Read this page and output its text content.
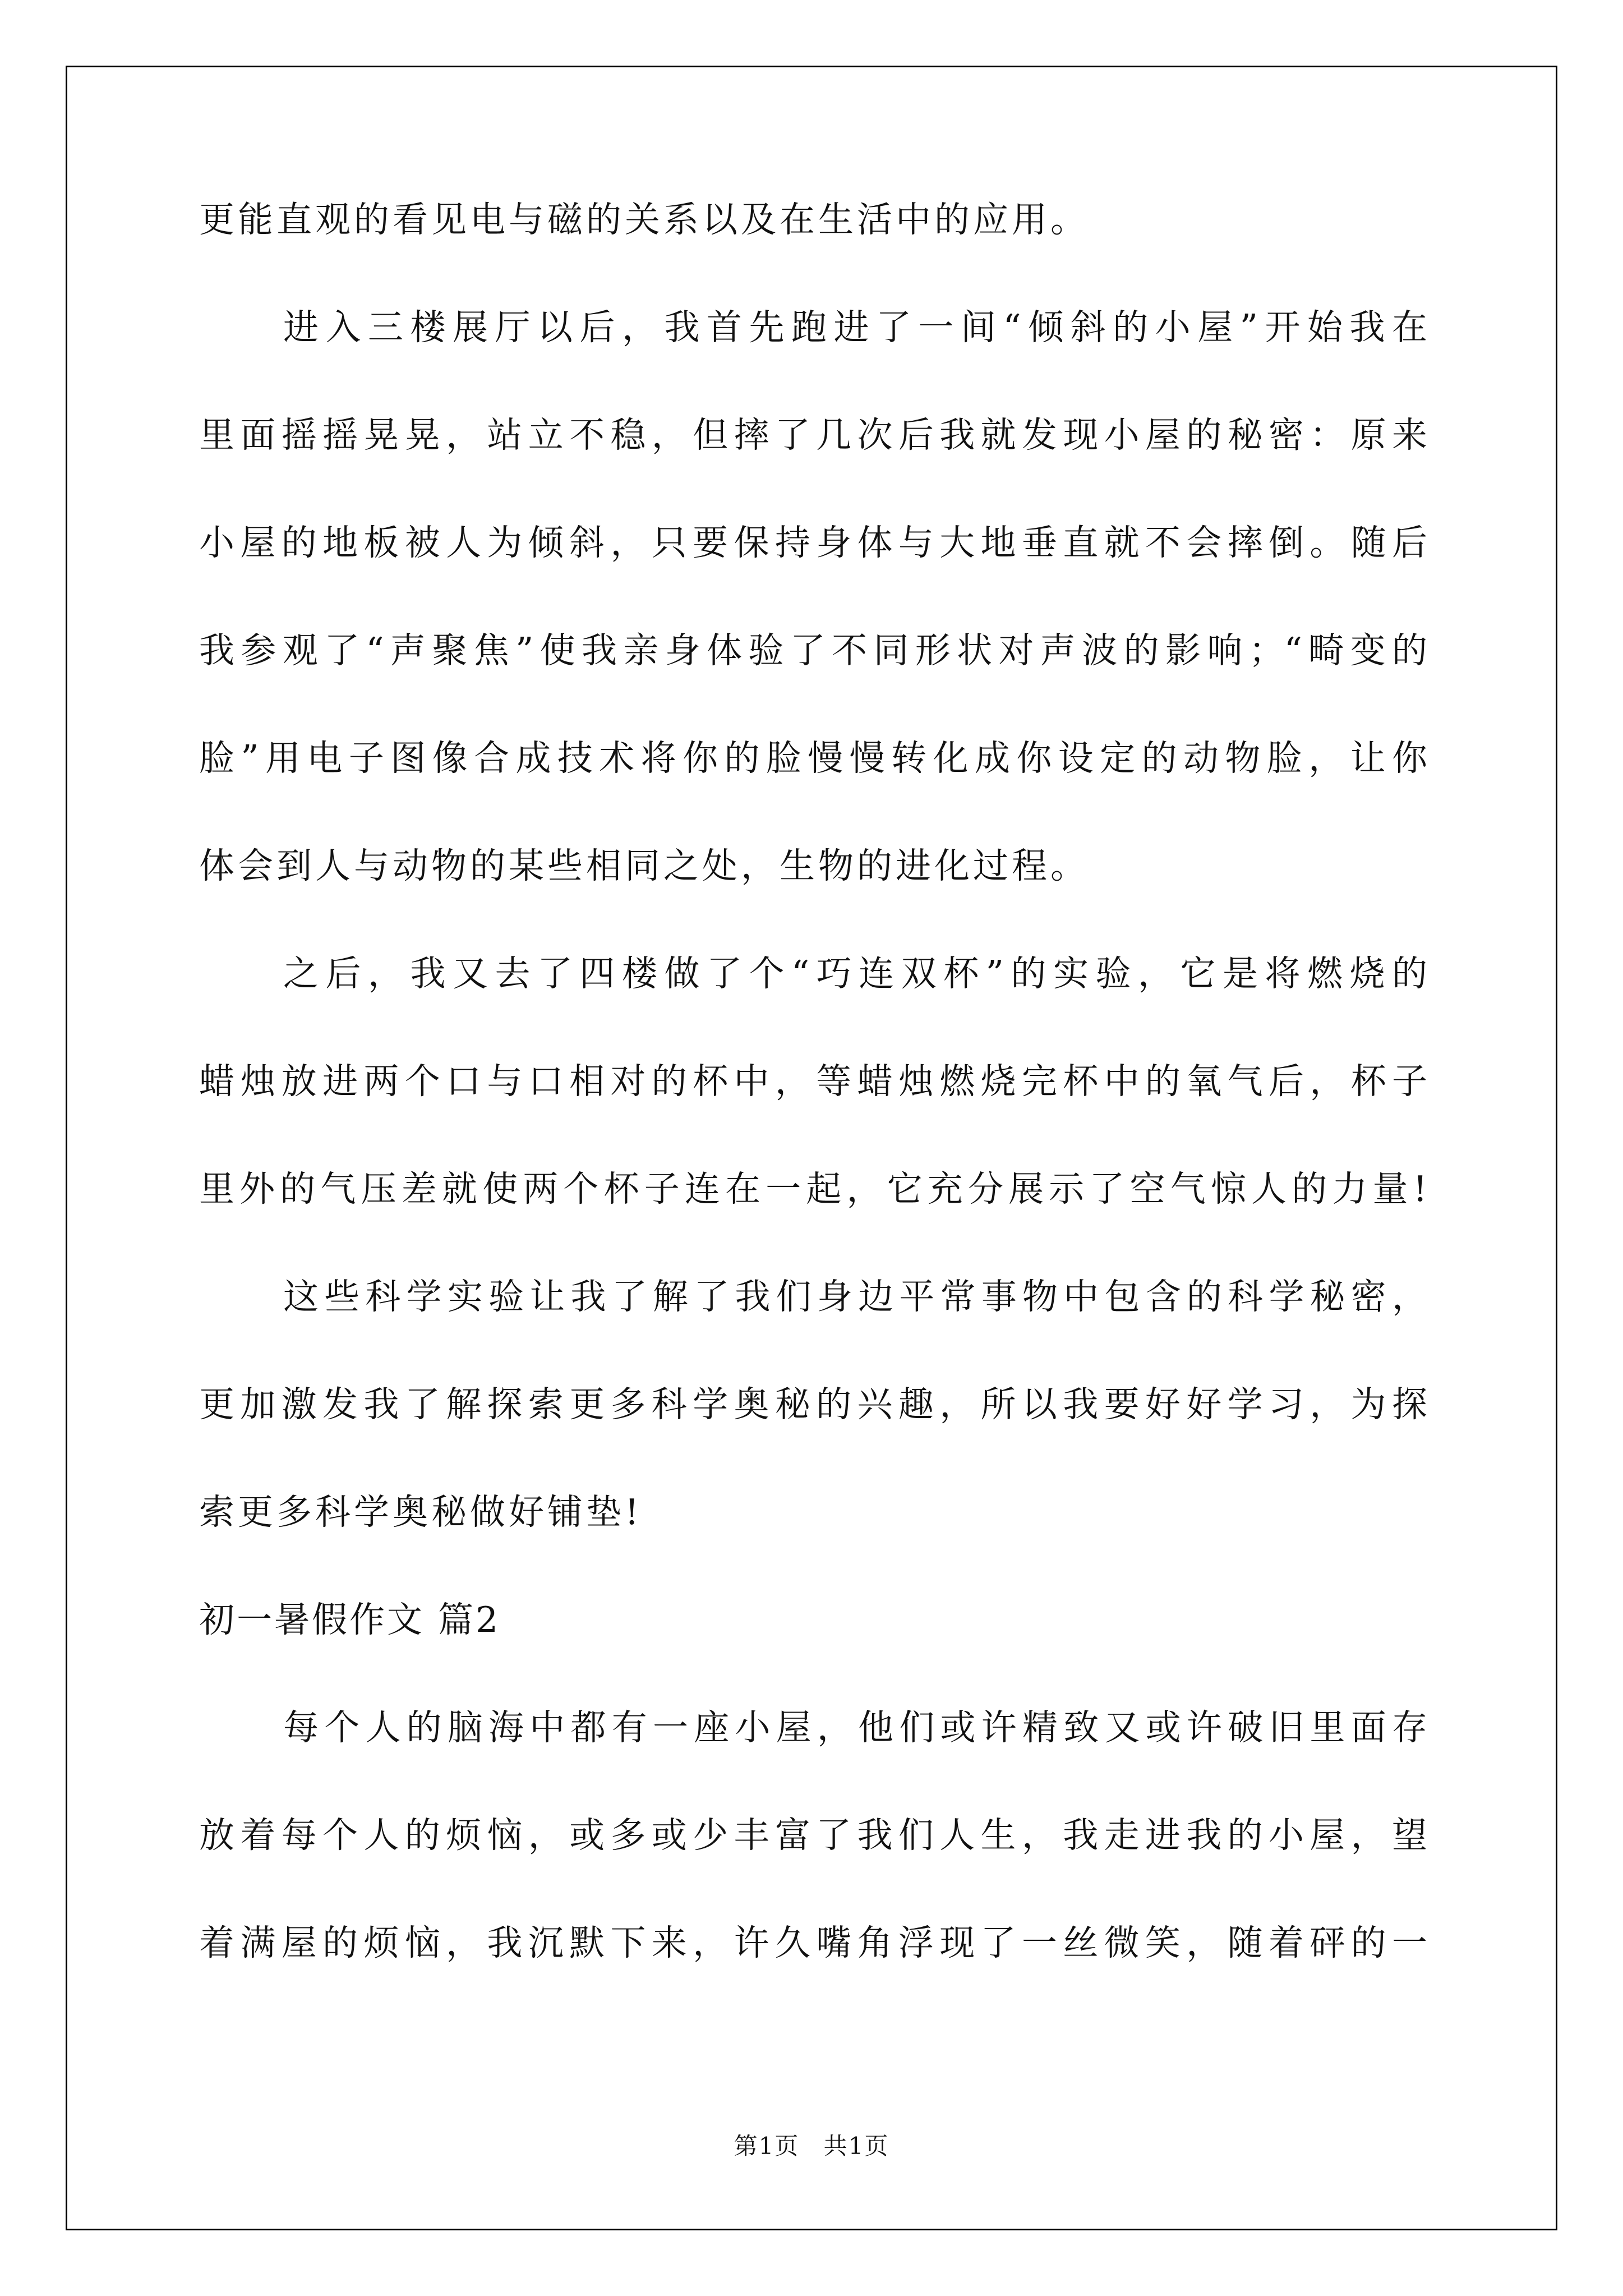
更能直观的看见电与磁的关系以及在生活中的应用。
进入三楼展厅以后，我首先跑进了一间“倾斜的小屋”开始我在
里面摇摇晃晃，站立不稳，但摔了几次后我就发现小屋的秘密：原来
小屋的地板被人为倾斜，只要保持身体与大地垂直就不会摔倒。随后
我参观了“声聚焦”使我亲身体验了不同形状对声波的影响；“畸变的
脸”用电子图像合成技术将你的脸慢慢转化成你设定的动物脸，让你
体会到人与动物的某些相同之处，生物的进化过程。
之后，我又去了四楼做了个“巧连双杯”的实验，它是将燃烧的
蜡烛放进两个口与口相对的杯中，等蜡烛燃烧完杯中的氧气后，杯子
里外的气压差就使两个杯子连在一起，它充分展示了空气惊人的力量!
这些科学实验让我了解了我们身边平常事物中包含的科学秘密，
更加激发我了解探索更多科学奥秘的兴趣，所以我要好好学习，为探
索更多科学奥秘做好铺垫!
初一暑假作文 篇2
每个人的脑海中都有一座小屋，他们或许精致又或许破旧里面存
放着每个人的烦恼，或多或少丰富了我们人生，我走进我的小屋，望
着满屋的烦恼，我沉默下来，许久嘴角浮现了一丝微笑，随着砰的一
第1页 共1页
